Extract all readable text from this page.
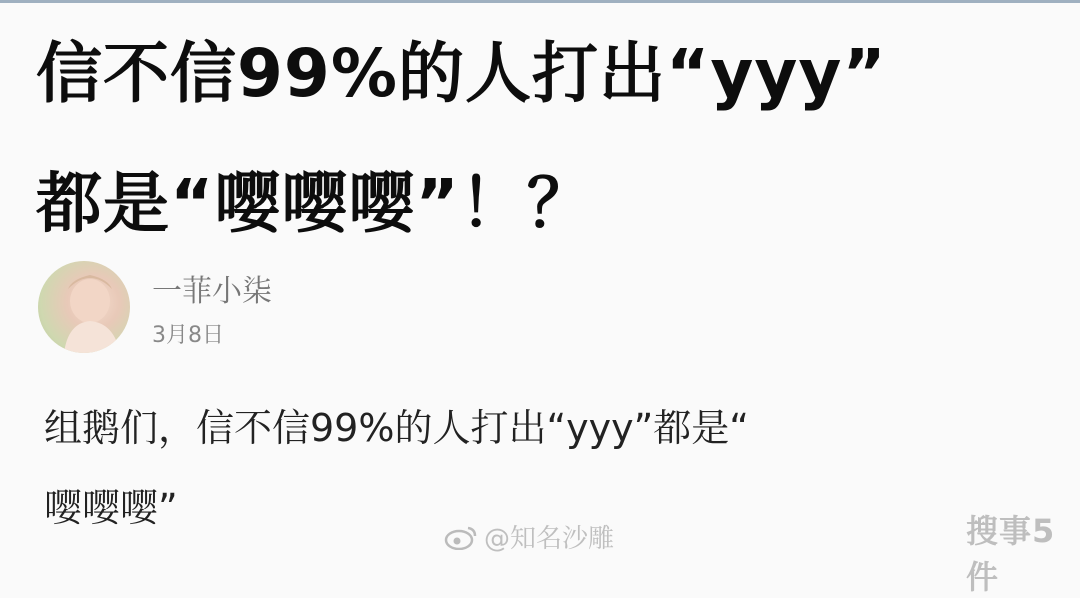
信不信99%的人打出“yyy”
都是“嘤嘤嘤”！？
一菲小柒
3月8日
组鹅们，信不信99%的人打出“yyy”都是“
嘤嘤嘤”
@知名沙雕	搜事5件
